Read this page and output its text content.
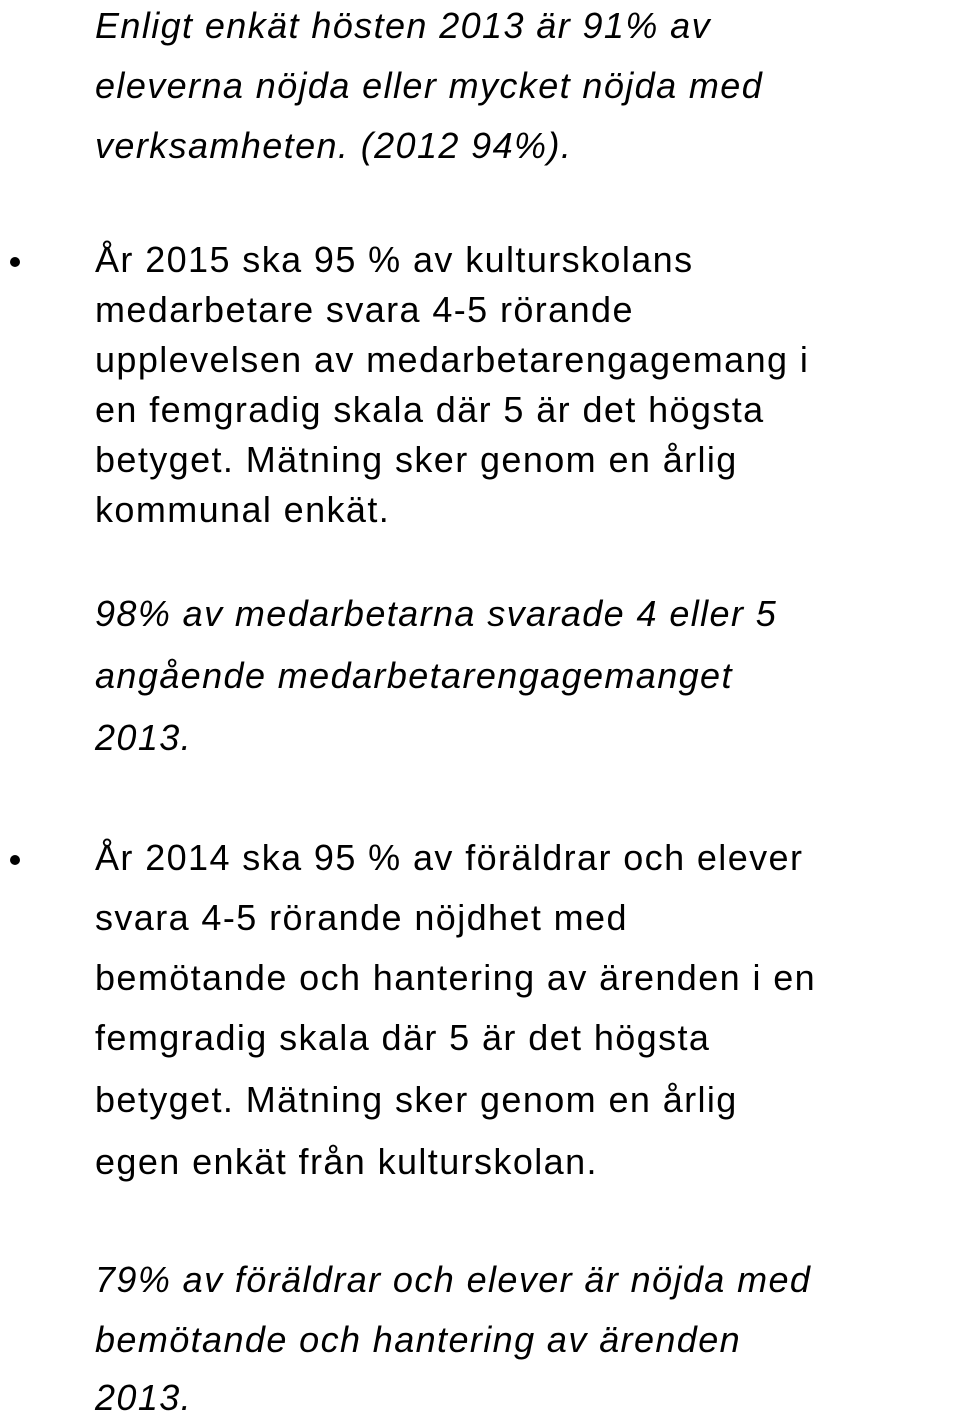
Enligt enkät hösten 2013 är 91% av

eleverna nöjda eller mycket nöjda med

verksamheten. (2012 94%).

År 2015 ska 95 % av kulturskolans

medarbetare svara 4-5 rörande

upplevelsen av medarbetarengagemang i

en femgradig skala där 5 är det högsta

betyget. Mätning sker genom en årlig

kommunal enkät.

98% av medarbetarna svarade 4 eller 5

angående medarbetarengagemanget

2013.

År 2014 ska 95 % av föräldrar och elever

svara 4-5 rörande nöjdhet med

bemötande och hantering av ärenden i en

femgradig skala där 5 är det högsta

betyget. Mätning sker genom en årlig

egen enkät från kulturskolan.

79% av föräldrar och elever är nöjda med

bemötande och hantering av ärenden

2013.
